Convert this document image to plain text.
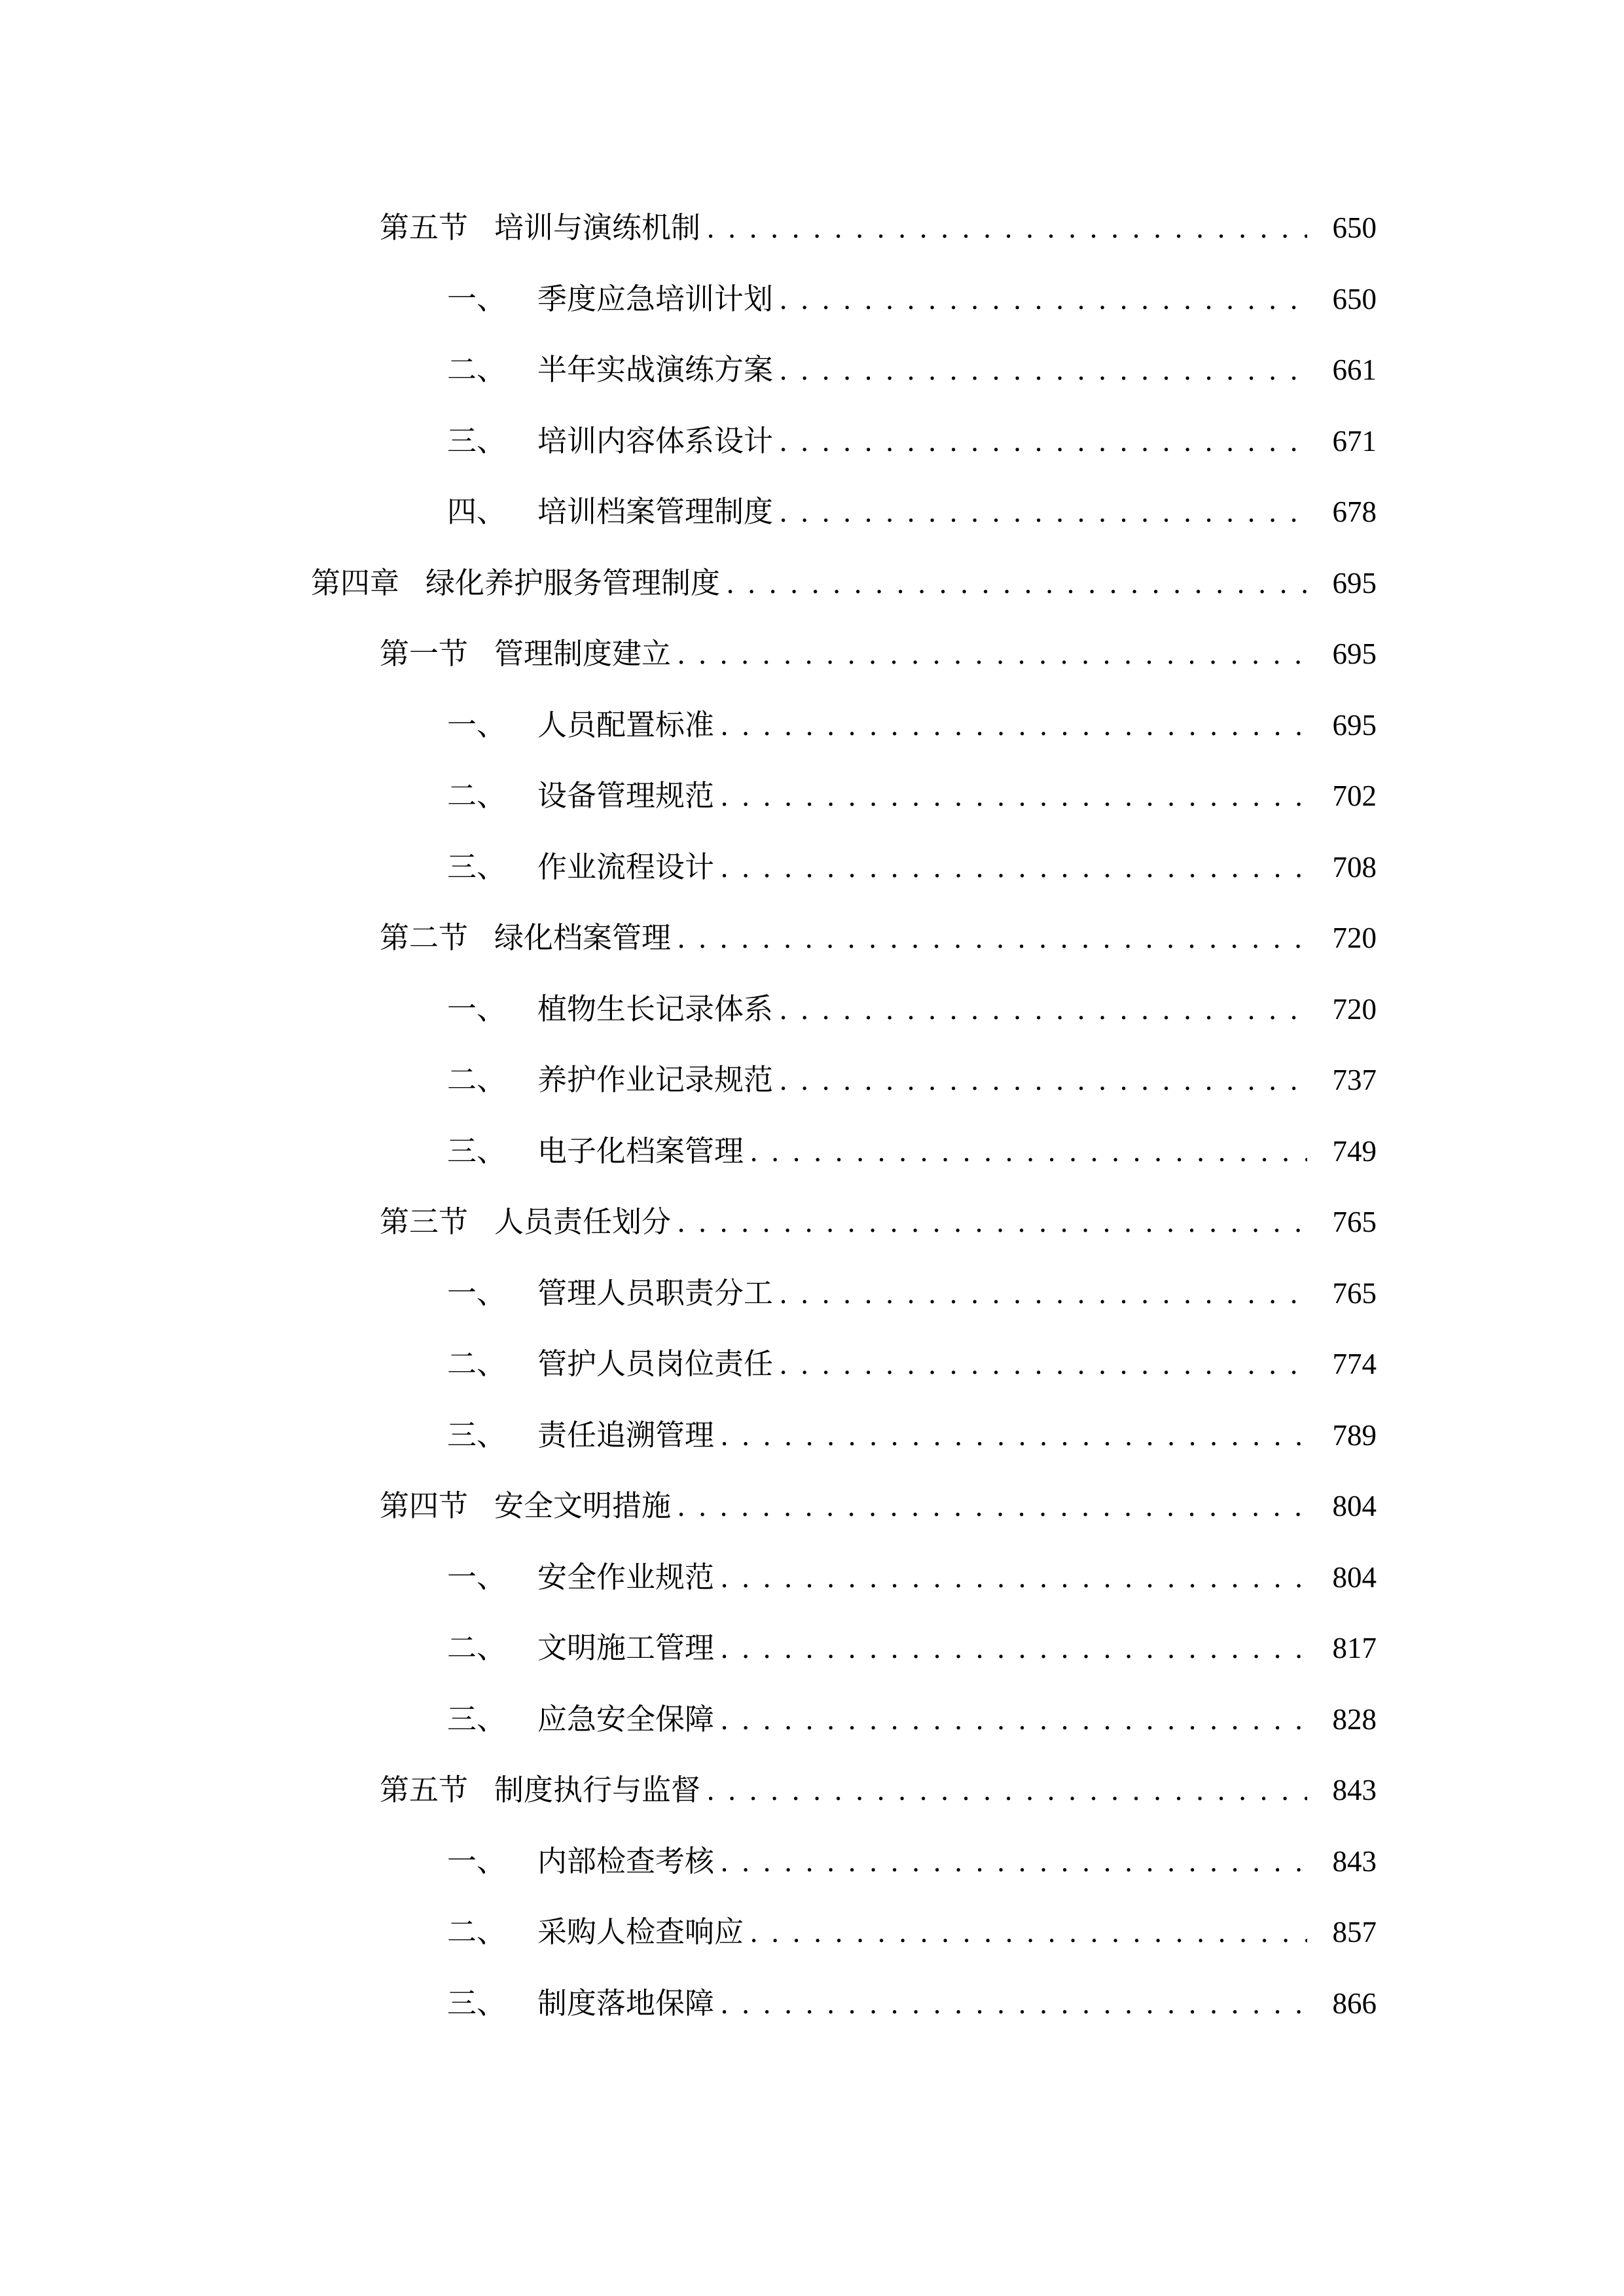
第五节 培训与演练机制 . . .	650
一、 季度应急培训计划 . . .	650
二、 半年实战演练方案 . . .	661
三、 培训内容体系设计 . . .	671
四、 培训档案管理制度 . . .	678
第四章 绿化养护服务管理制度 . . .	695
第一节 管理制度建立 . . .	695
一、 人员配置标准 . . .	695
二、 设备管理规范 . . .	702
三、 作业流程设计 . . .	708
第二节 绿化档案管理 . . .	720
一、 植物生长记录体系 . . .	720
二、 养护作业记录规范 . . .	737
三、 电子化档案管理 . . .	749
第三节 人员责任划分 . . .	765
一、 管理人员职责分工 . . .	765
二、 管护人员岗位责任 . . .	774
三、 责任追溯管理 . . .	789
第四节 安全文明措施 . . .	804
一、 安全作业规范 . . .	804
二、 文明施工管理 . . .	817
三、 应急安全保障 . . .	828
第五节 制度执行与监督 . . .	843
一、 内部检查考核 . . .	843
二、 采购人检查响应 . . .	857
三、 制度落地保障 . . .	866
